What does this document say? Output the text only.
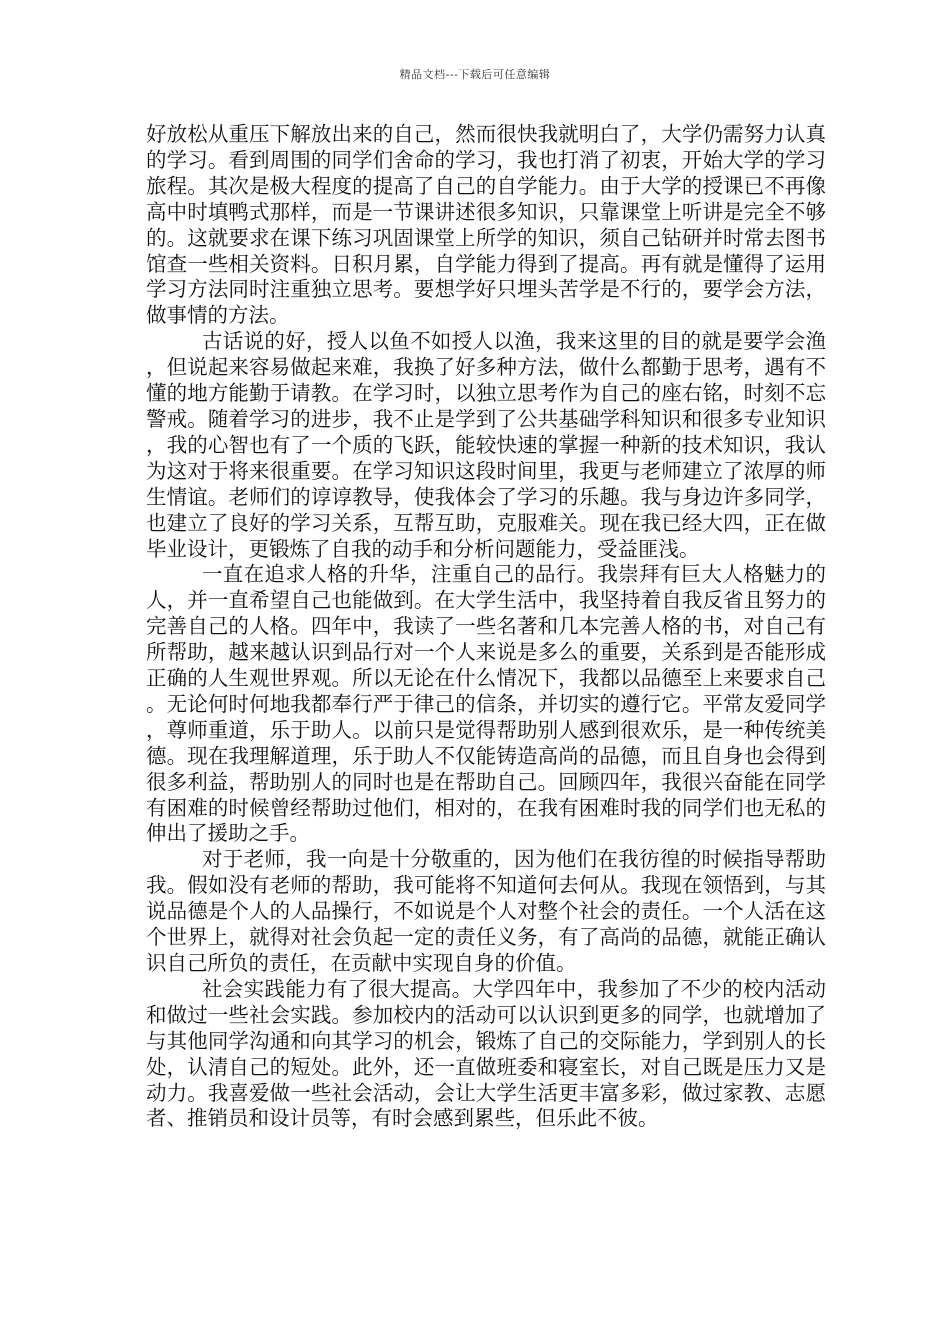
精品文档---下载后可任意编辑

好放松从重压下解放出来的自己，然而很快我就明白了，大学仍需努力认真的学习。看到周围的同学们舍命的学习，我也打消了初衷，开始大学的学习旅程。其次是极大程度的提高了自己的自学能力。由于大学的授课已不再像高中时填鸭式那样，而是一节课讲述很多知识，只靠课堂上听讲是完全不够的。这就要求在课下练习巩固课堂上所学的知识，须自己钻研并时常去图书馆查一些相关资料。日积月累，自学能力得到了提高。再有就是懂得了运用学习方法同时注重独立思考。要想学好只埋头苦学是不行的，要学会方法，做事情的方法。

古话说的好，授人以鱼不如授人以渔，我来这里的目的就是要学会渔，但说起来容易做起来难，我换了好多种方法，做什么都勤于思考，遇有不懂的地方能勤于请教。在学习时，以独立思考作为自己的座右铭，时刻不忘警戒。随着学习的进步，我不止是学到了公共基础学科知识和很多专业知识，我的心智也有了一个质的飞跃，能较快速的掌握一种新的技术知识，我认为这对于将来很重要。在学习知识这段时间里，我更与老师建立了浓厚的师生情谊。老师们的谆谆教导，使我体会了学习的乐趣。我与身边许多同学，也建立了良好的学习关系，互帮互助，克服难关。现在我已经大四，正在做毕业设计，更锻炼了自我的动手和分析问题能力，受益匪浅。

一直在追求人格的升华，注重自己的品行。我崇拜有巨大人格魅力的人，并一直希望自己也能做到。在大学生活中，我坚持着自我反省且努力的完善自己的人格。四年中，我读了一些名著和几本完善人格的书，对自己有所帮助，越来越认识到品行对一个人来说是多么的重要，关系到是否能形成正确的人生观世界观。所以无论在什么情况下，我都以品德至上来要求自己。无论何时何地我都奉行严于律己的信条，并切实的遵行它。平常友爱同学，尊师重道，乐于助人。以前只是觉得帮助别人感到很欢乐，是一种传统美德。现在我理解道理，乐于助人不仅能铸造高尚的品德，而且自身也会得到很多利益，帮助别人的同时也是在帮助自己。回顾四年，我很兴奋能在同学有困难的时候曾经帮助过他们，相对的，在我有困难时我的同学们也无私的伸出了援助之手。

对于老师，我一向是十分敬重的，因为他们在我彷徨的时候指导帮助我。假如没有老师的帮助，我可能将不知道何去何从。我现在领悟到，与其说品德是个人的人品操行，不如说是个人对整个社会的责任。一个人活在这个世界上，就得对社会负起一定的责任义务，有了高尚的品德，就能正确认识自己所负的责任，在贡献中实现自身的价值。

社会实践能力有了很大提高。大学四年中，我参加了不少的校内活动和做过一些社会实践。参加校内的活动可以认识到更多的同学，也就增加了与其他同学沟通和向其学习的机会，锻炼了自己的交际能力，学到别人的长处，认清自己的短处。此外，还一直做班委和寝室长，对自己既是压力又是动力。我喜爱做一些社会活动，会让大学生活更丰富多彩，做过家教、志愿者、推销员和设计员等，有时会感到累些，但乐此不彼。
